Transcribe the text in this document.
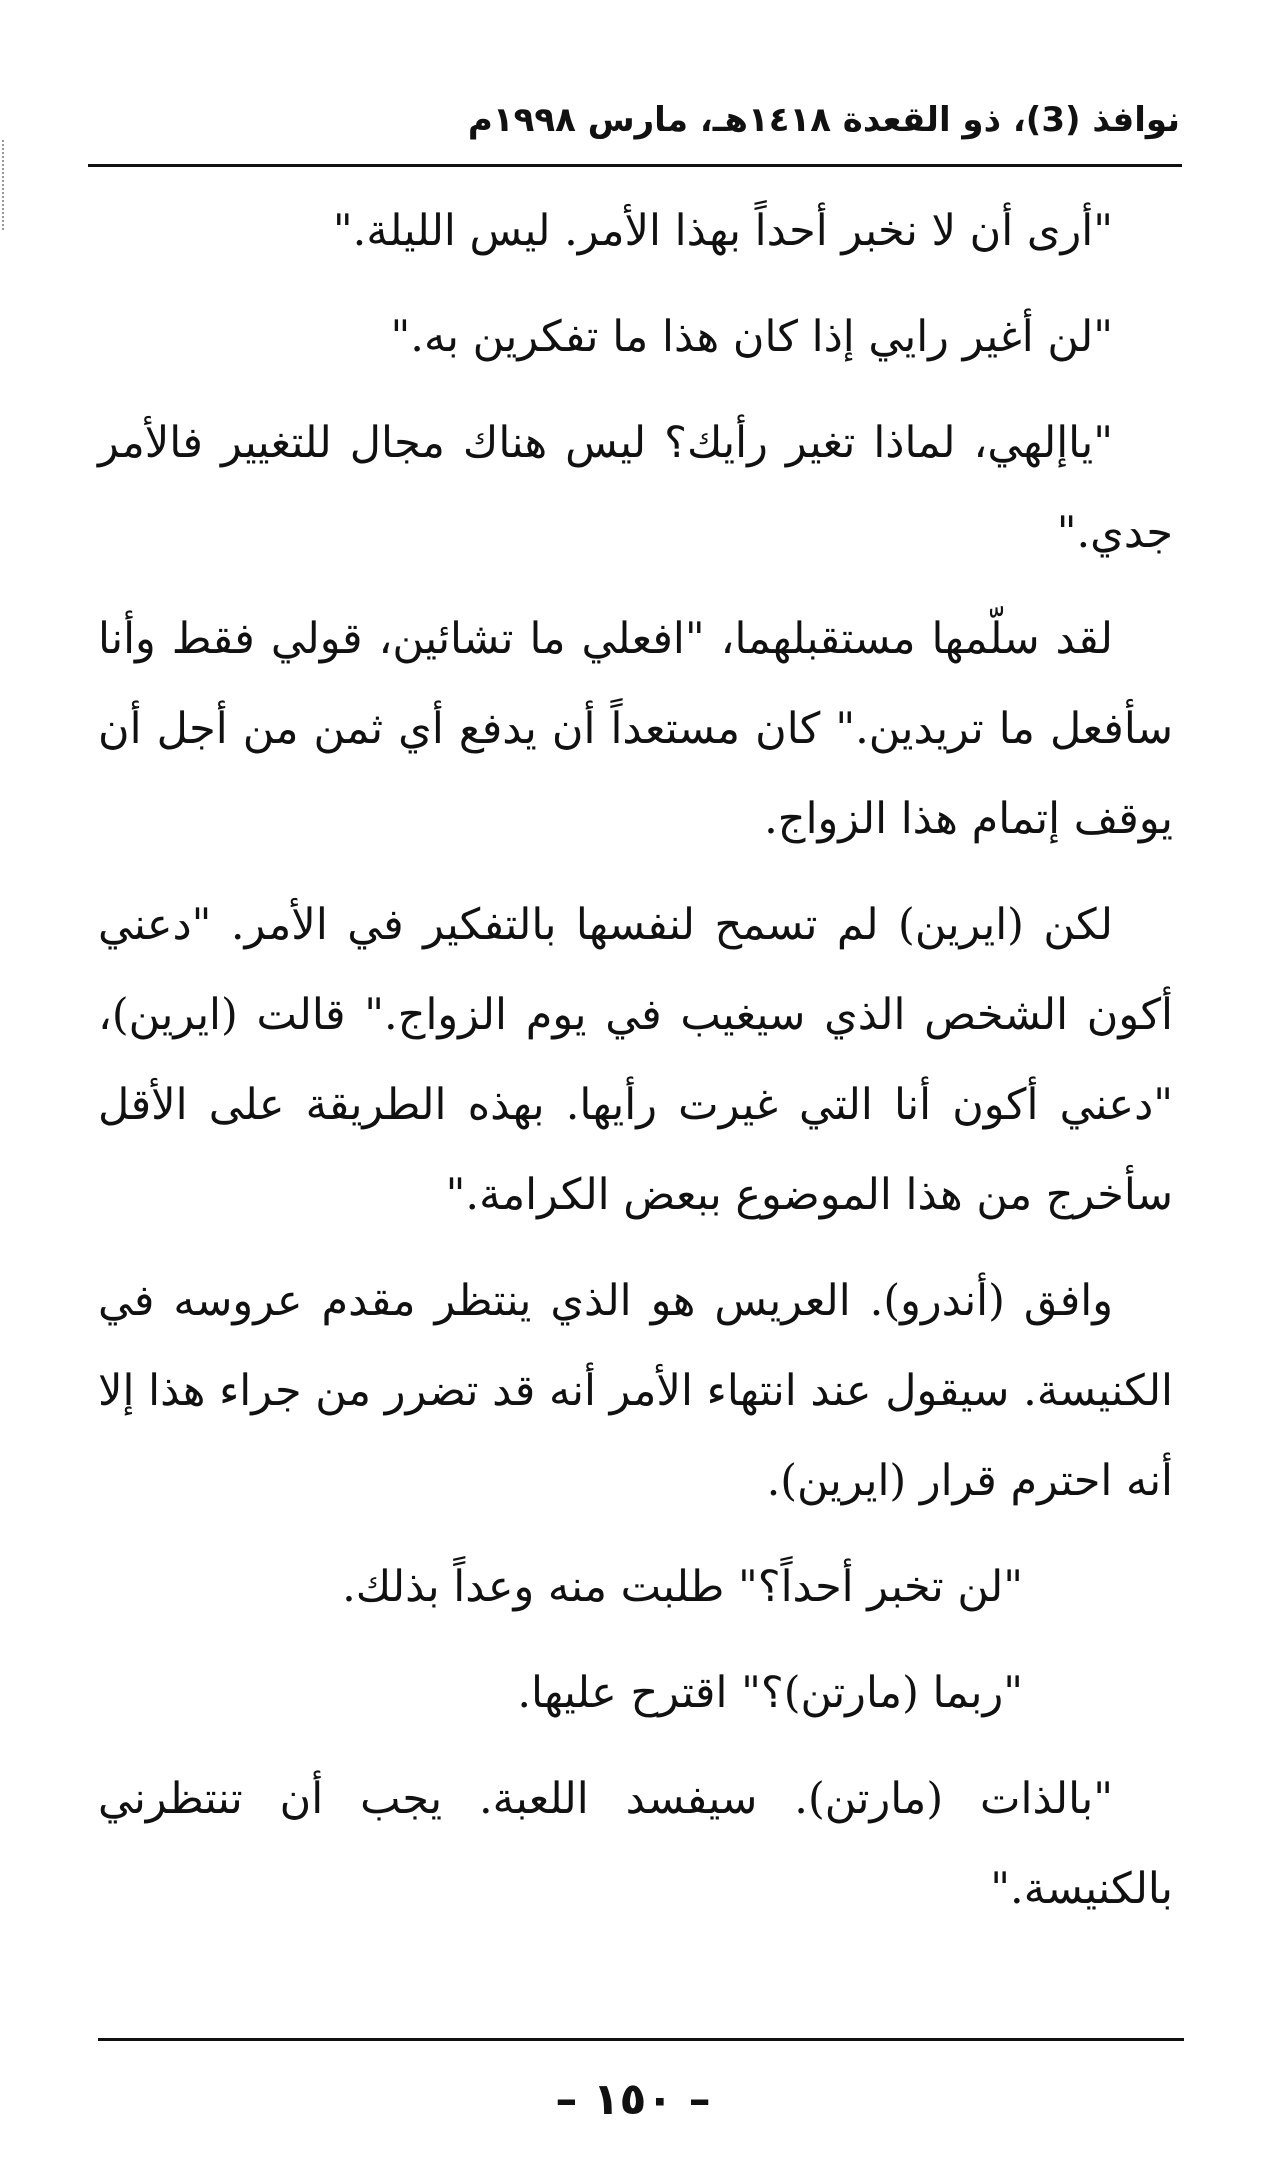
نوافذ (3)، ذو القعدة ١٤١٨هـ، مارس ١٩٩٨م

"أرى أن لا نخبر أحداً بهذا الأمر. ليس الليلة."

"لن أغير رايي إذا كان هذا ما تفكرين به."

"ياإلهي، لماذا تغير رأيك؟ ليس هناك مجال للتغيير فالأمر جدي."

لقد سلّمها مستقبلهما، "افعلي ما تشائين، قولي فقط وأنا سأفعل ما تريدين." كان مستعداً أن يدفع أي ثمن من أجل أن يوقف إتمام هذا الزواج.

لكن (ايرين) لم تسمح لنفسها بالتفكير في الأمر. "دعني أكون الشخص الذي سيغيب في يوم الزواج." قالت (ايرين)، "دعني أكون أنا التي غيرت رأيها. بهذه الطريقة على الأقل سأخرج من هذا الموضوع ببعض الكرامة."

وافق (أندرو). العريس هو الذي ينتظر مقدم عروسه في الكنيسة. سيقول عند انتهاء الأمر أنه قد تضرر من جراء هذا إلا أنه احترم قرار (ايرين).

"لن تخبر أحداً؟" طلبت منه وعداً بذلك.

"ربما (مارتن)؟" اقترح عليها.

"بالذات (مارتن). سيفسد اللعبة. يجب أن تنتظرني بالكنيسة."

– ١٥٠ –
